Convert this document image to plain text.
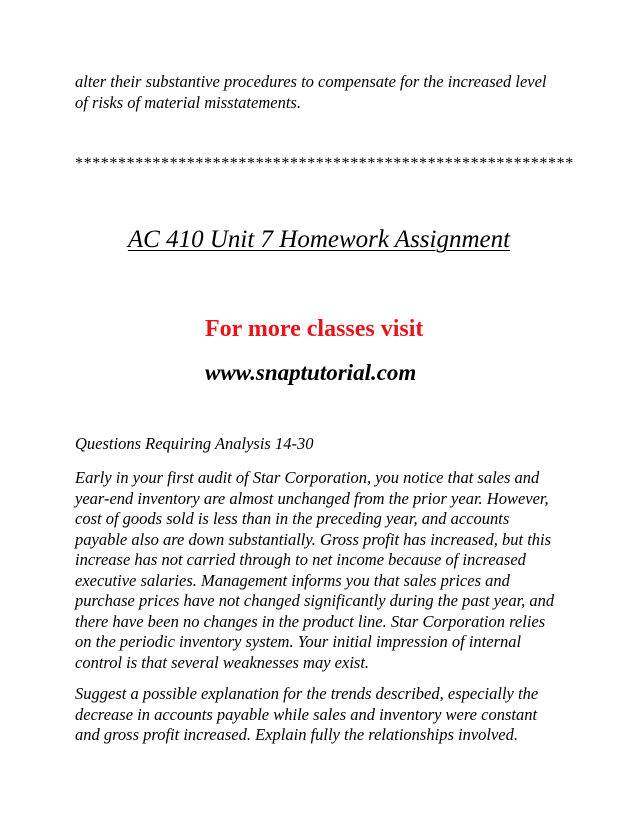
alter their substantive procedures to compensate for the increased level
of risks of material misstatements.

**********************************************************
AC 410 Unit 7 Homework Assignment
For more classes visit
www.snaptutorial.com

Questions Requiring Analysis 14-30

Early in your first audit of Star Corporation, you notice that sales and
year-end inventory are almost unchanged from the prior year. However,
cost of goods sold is less than in the preceding year, and accounts
payable also are down substantially. Gross profit has increased, but this
increase has not carried through to net income because of increased
executive salaries. Management informs you that sales prices and
purchase prices have not changed significantly during the past year, and
there have been no changes in the product line. Star Corporation relies
on the periodic inventory system. Your initial impression of internal
control is that several weaknesses may exist.

Suggest a possible explanation for the trends described, especially the
decrease in accounts payable while sales and inventory were constant
and gross profit increased. Explain fully the relationships involved.
